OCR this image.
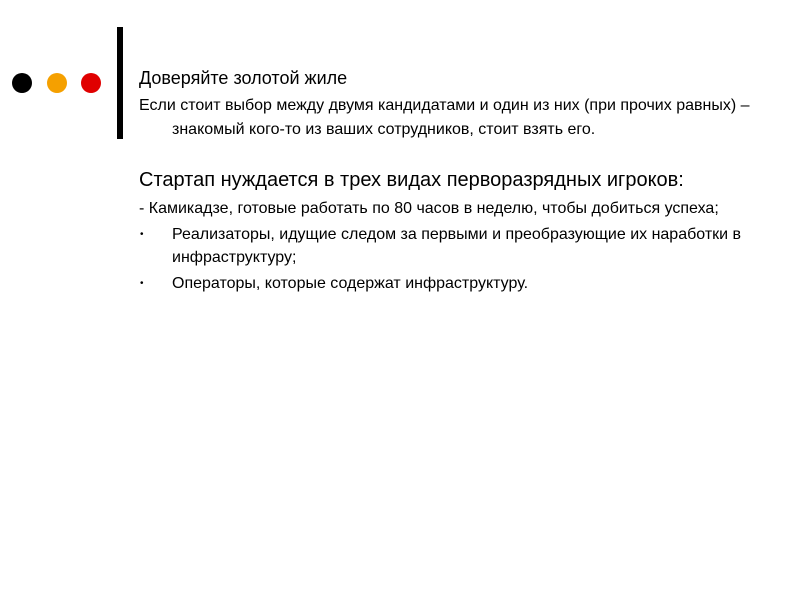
Доверяйте золотой жиле

Если стоит выбор между двумя кандидатами и один из них (при прочих равных) – знакомый кого-то из ваших сотрудников, стоит взять его.

Стартап нуждается в трех видах перворазрядных игроков:
- Камикадзе, готовые работать по 80 часов в неделю, чтобы добиться успеха;
• Реализаторы, идущие следом за первыми и преобразующие их наработки в инфраструктуру;
• Операторы, которые содержат инфраструктуру.
